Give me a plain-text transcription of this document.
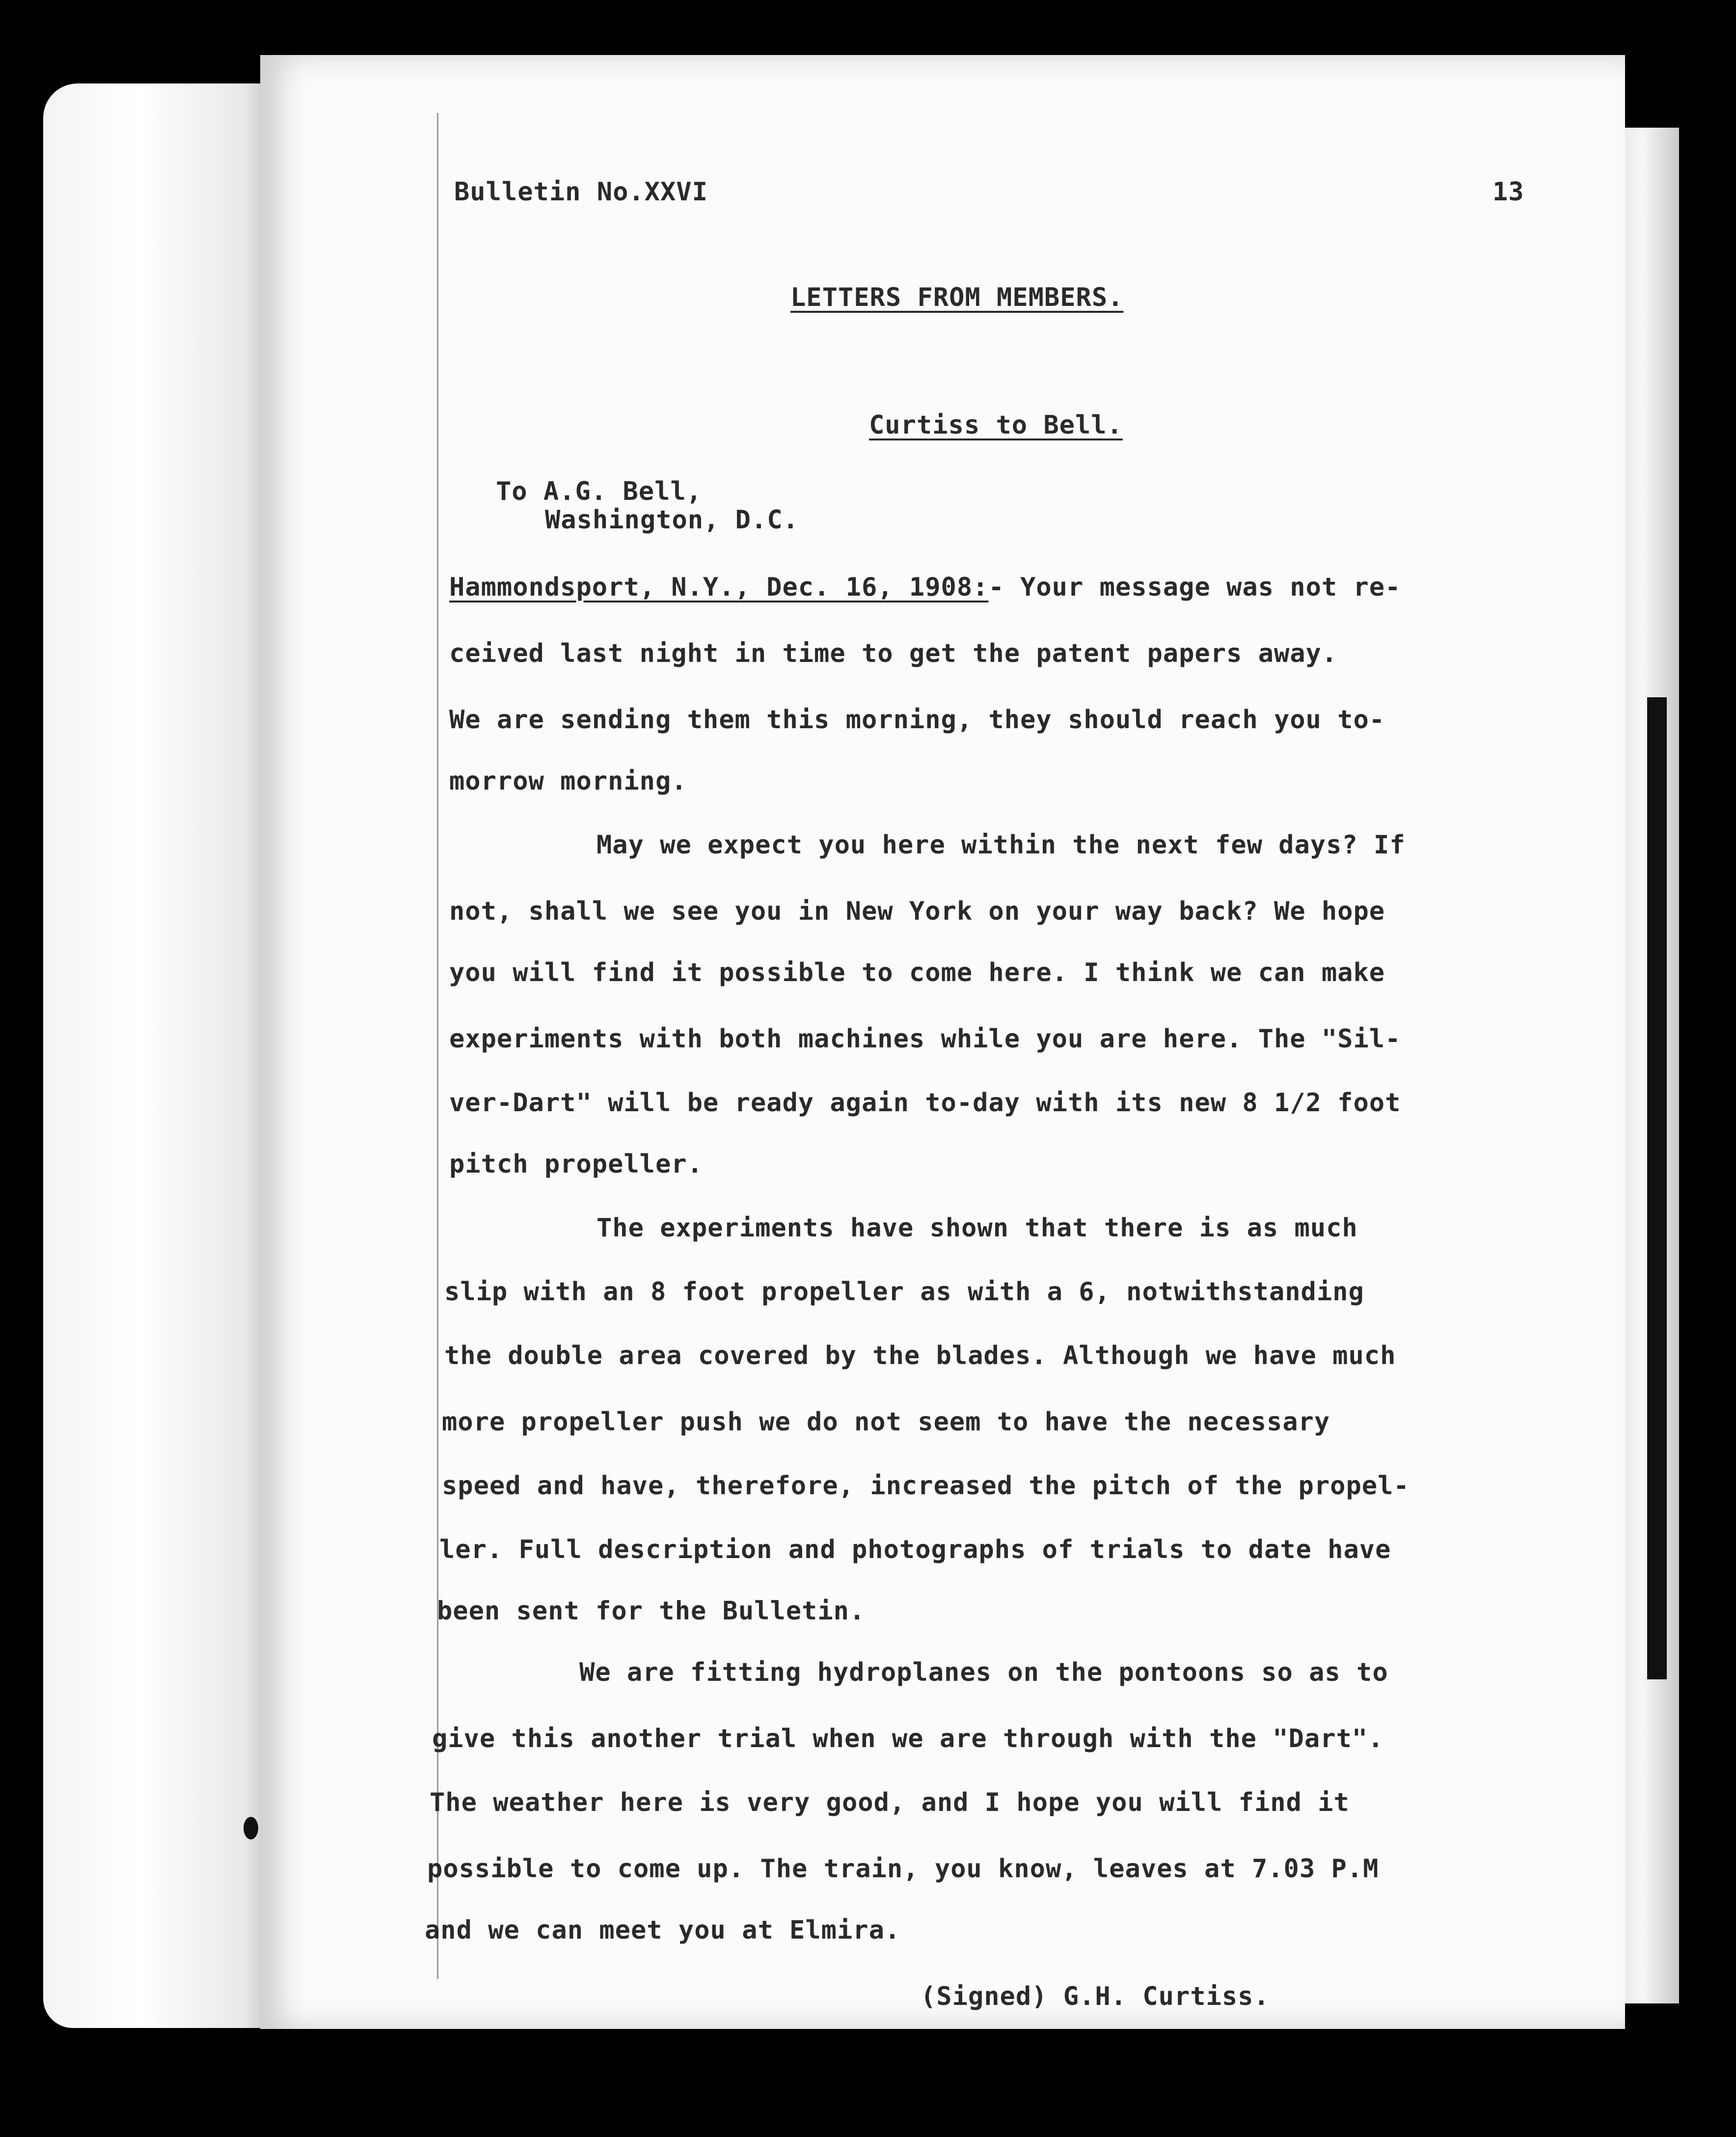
Bulletin No.XXVI	13
LETTERS FROM MEMBERS.
Curtiss to Bell.
To A.G. Bell,
Washington, D.C.
Hammondsport, N.Y., Dec. 16, 1908:- Your message was not re-
ceived last night in time to get the patent papers away.
We are sending them this morning, they should reach you to-
morrow morning.
May we expect you here within the next few days? If
not, shall we see you in New York on your way back? We hope
you will find it possible to come here. I think we can make
experiments with both machines while you are here. The "Sil-
ver-Dart" will be ready again to-day with its new 8 1/2 foot
pitch propeller.
The experiments have shown that there is as much
slip with an 8 foot propeller as with a 6, notwithstanding
the double area covered by the blades. Although we have much
more propeller push we do not seem to have the necessary
speed and have, therefore, increased the pitch of the propel-
ler. Full description and photographs of trials to date have
been sent for the Bulletin.
We are fitting hydroplanes on the pontoons so as to
give this another trial when we are through with the "Dart".
The weather here is very good, and I hope you will find it
possible to come up. The train, you know, leaves at 7.03 P.M
and we can meet you at Elmira.
(Signed) G.H. Curtiss.
